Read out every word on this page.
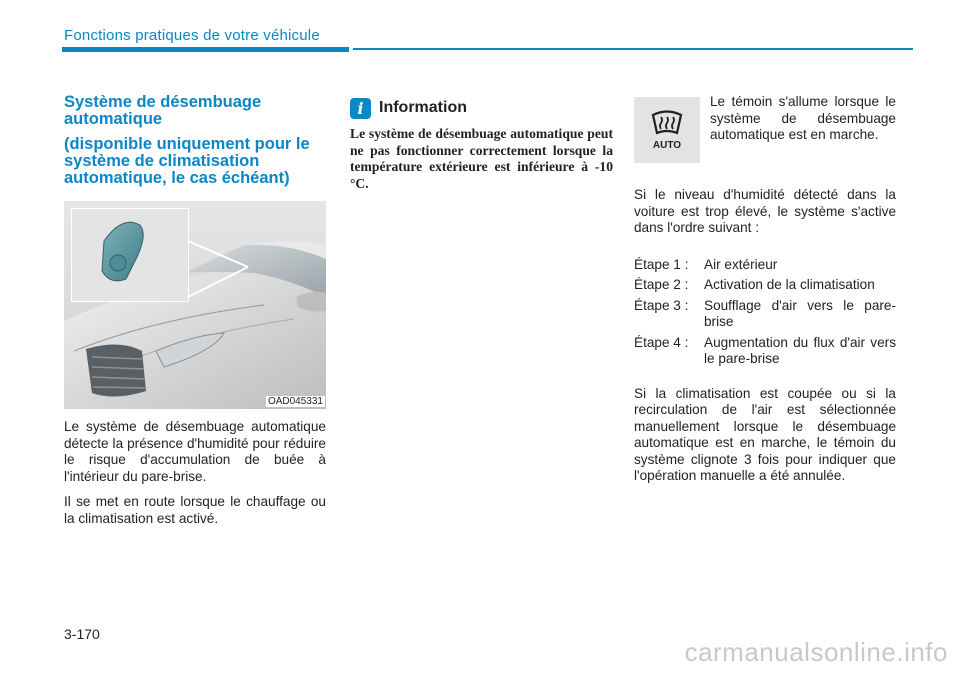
Fonctions pratiques de votre véhicule
Système de désembuage automatique
(disponible uniquement pour le système de climatisation automatique, le cas échéant)
OAD045331

Le système de désembuage automatique détecte la présence d'humidité pour réduire le risque d'accumulation de buée à l'intérieur du pare-brise.

Il se met en route lorsque le chauffage ou la climatisation est activé.

i Information

Le système de désembuage automatique peut ne pas fonctionner correctement lorsque la température extérieure est inférieure à -10 °C.

AUTO

Le témoin s'allume lorsque le système de désembuage automatique est en marche.

Si le niveau d'humidité détecté dans la voiture est trop élevé, le système s'active dans l'ordre suivant :

Étape 1 :	Air extérieur
Étape 2 :	Activation de la climatisation
Étape 3 :	Soufflage d'air vers le pare-brise
Étape 4 :	Augmentation du flux d'air vers le pare-brise

Si la climatisation est coupée ou si la recirculation de l'air est sélectionnée manuellement lorsque le désembuage automatique est en marche, le témoin du système clignote 3 fois pour indiquer que l'opération manuelle a été annulée.

3-170
carmanualsonline.info
